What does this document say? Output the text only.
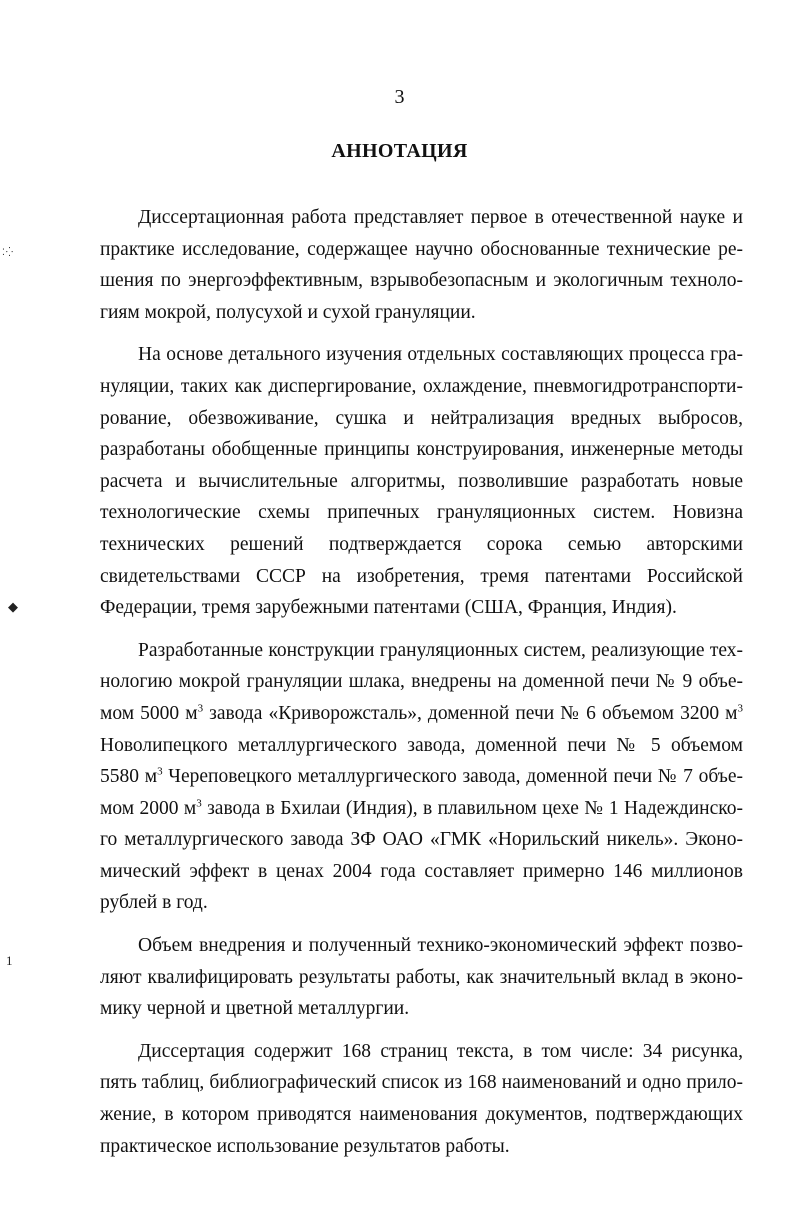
3
АННОТАЦИЯ
⁚⁛
◆
1

Диссертационная работа представляет первое в отечественной науке и практике исследование, содержащее научно обоснованные технические решения по энергоэффективным, взрывобезопасным и экологичным технологиям мокрой, полусухой и сухой грануляции.

На основе детального изучения отдельных составляющих процесса грануляции, таких как диспергирование, охлаждение, пневмогидротранспортирование, обезвоживание, сушка и нейтрализация вредных выбросов, разработаны обобщенные принципы конструирования, инженерные методы расчета и вычислительные алгоритмы, позволившие разработать новые технологические схемы припечных грануляционных систем. Новизна технических решений подтверждается сорока семью авторскими свидетельствами СССР на изобретения, тремя патентами Российской Федерации, тремя зарубежными патентами (США, Франция, Индия).

Разработанные конструкции грануляционных систем, реализующие технологию мокрой грануляции шлака, внедрены на доменной печи № 9 объемом 5000 $м^3$ завода «Криворожсталь», доменной печи № 6 объемом 3200 $м^3$ Новолипецкого металлургического завода, доменной печи № 5 объемом 5580 $м^3$ Череповецкого металлургического завода, доменной печи № 7 объемом 2000 $м^3$ завода в Бхилаи (Индия), в плавильном цехе № 1 Надеждинского металлургического завода ЗФ ОАО «ГМК «Норильский никель». Экономический эффект в ценах 2004 года составляет примерно 146 миллионов рублей в год.

Объем внедрения и полученный технико-экономический эффект позволяют квалифицировать результаты работы, как значительный вклад в экономику черной и цветной металлургии.

Диссертация содержит 168 страниц текста, в том числе: 34 рисунка, пять таблиц, библиографический список из 168 наименований и одно приложение, в котором приводятся наименования документов, подтверждающих практическое использование результатов работы.
